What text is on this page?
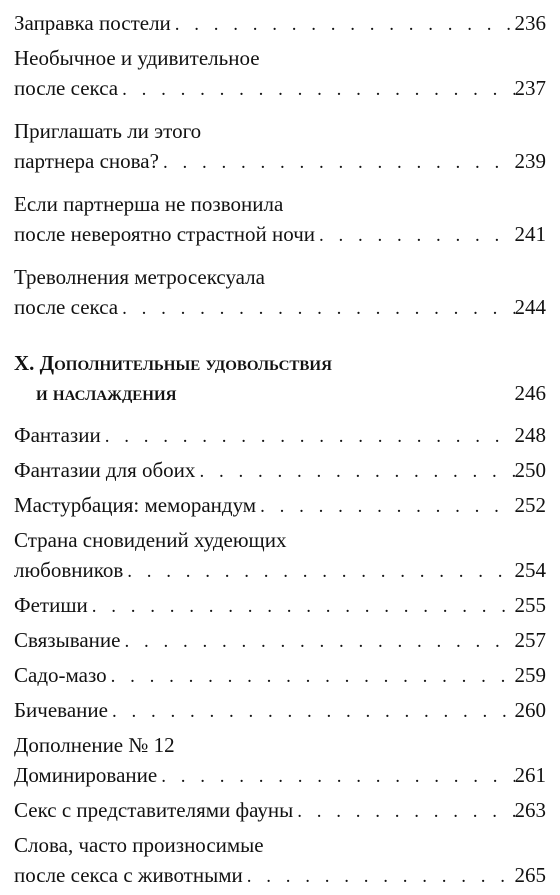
Заправка постели . . .	236
Необычное и удивительное
после секса . . .	237
Приглашать ли этого
партнера снова? . . .	239
Если партнерша не позвонила
после невероятно страстной ночи . . .	241
Треволнения метросексуала
после секса . . .	244
X. Дополнительные удовольствия
и наслаждения	246
Фантазии . . .	248
Фантазии для обоих . . .	250
Мастурбация: меморандум . . .	252
Страна сновидений худеющих
любовников . . .	254
Фетиши . . .	255
Связывание . . .	257
Садо-мазо . . .	259
Бичевание . . .	260
Дополнение № 12
Доминирование . . .	261
Секс с представителями фауны . . .	263
Слова, часто произносимые
после секса с животными . . .	265
